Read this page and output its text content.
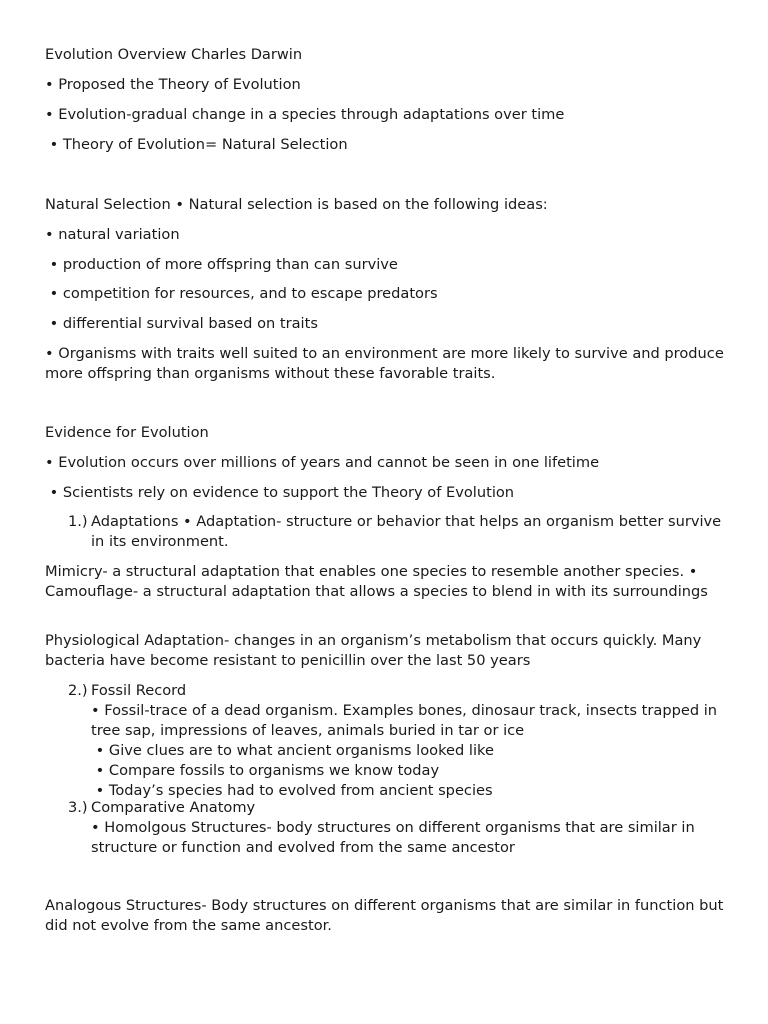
Evolution Overview Charles Darwin
• Proposed the Theory of Evolution
• Evolution-gradual change in a species through adaptations over time
• Theory of Evolution= Natural Selection
Natural Selection • Natural selection is based on the following ideas:
• natural variation
• production of more offspring than can survive
• competition for resources, and to escape predators
• differential survival based on traits
• Organisms with traits well suited to an environment are more likely to survive and produce more offspring than organisms without these favorable traits.
Evidence for Evolution
• Evolution occurs over millions of years and cannot be seen in one lifetime
• Scientists rely on evidence to support the Theory of Evolution
1.) Adaptations • Adaptation- structure or behavior that helps an organism better survive in its environment.
Mimicry- a structural adaptation that enables one species to resemble another species. • Camouflage- a structural adaptation that allows a species to blend in with its surroundings
Physiological Adaptation- changes in an organism’s metabolism that occurs quickly. Many bacteria have become resistant to penicillin over the last 50 years
2.) Fossil Record
• Fossil-trace of a dead organism. Examples bones, dinosaur track, insects trapped in tree sap, impressions of leaves, animals buried in tar or ice
• Give clues are to what ancient organisms looked like
• Compare fossils to organisms we know today
• Today’s species had to evolved from ancient species
3.) Comparative Anatomy
• Homolgous Structures- body structures on different organisms that are similar in structure or function and evolved from the same ancestor
Analogous Structures- Body structures on different organisms that are similar in function but did not evolve from the same ancestor.
